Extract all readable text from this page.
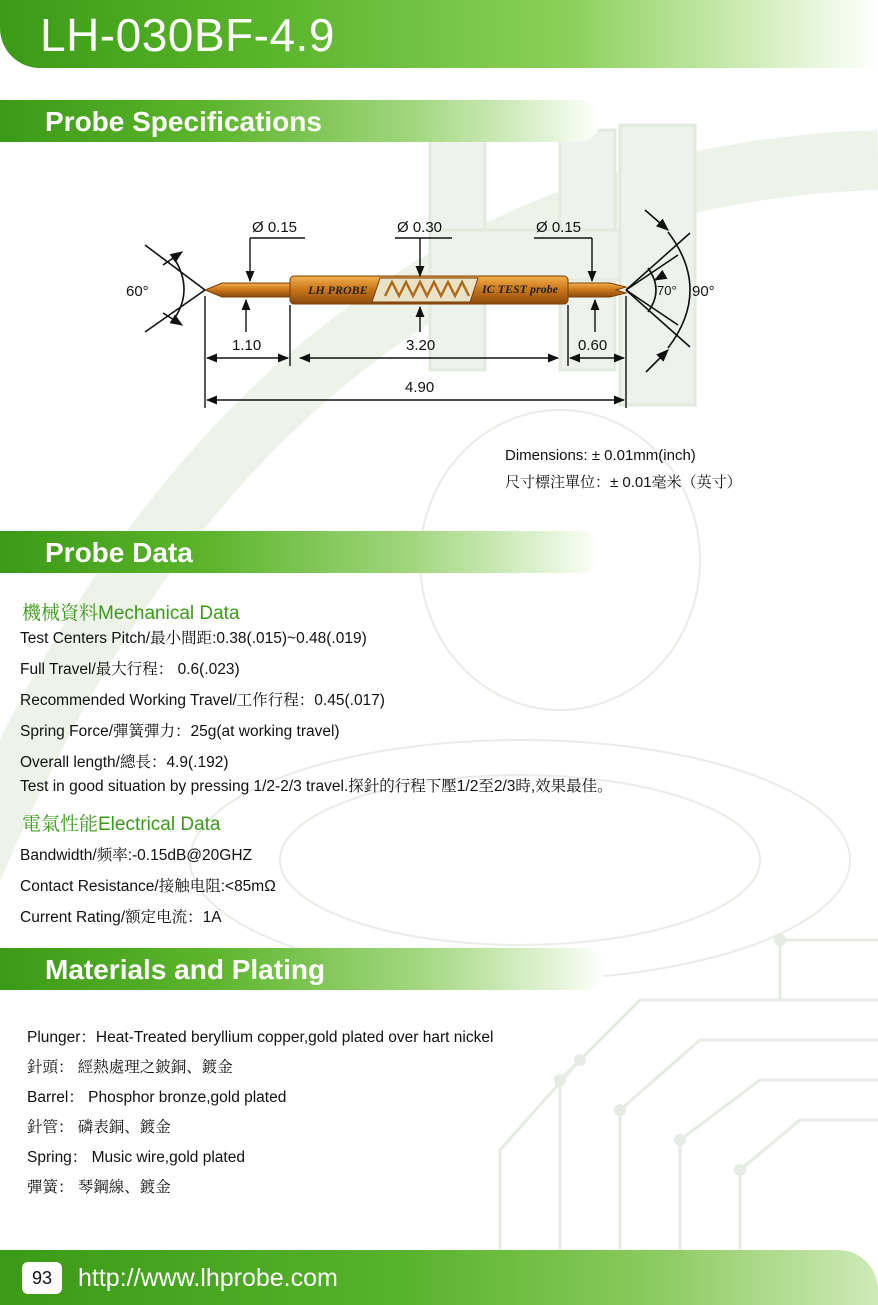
LH-030BF-4.9
Probe Specifications
LH PROBE	IC TEST probe
60°	70° 90°
Ø 0.15	Ø 0.30	Ø 0.15
1.10	3.20	0.60
4.90
Dimensions: ± 0.01mm(inch)
尺寸標注單位：± 0.01毫米（英寸）
Probe Data
機械資料Mechanical Data
Test Centers Pitch/最小間距:0.38(.015)~0.48(.019)
Full Travel/最大行程： 0.6(.023)
Recommended Working Travel/工作行程：0.45(.017)
Spring Force/彈簧彈力：25g(at working travel)
Overall length/總長：4.9(.192)
Test in good situation by pressing 1/2-2/3 travel.探針的行程下壓1/2至2/3時,效果最佳。
電氣性能Electrical Data
Bandwidth/频率:-0.15dB@20GHZ
Contact Resistance/接触电阻:<85mΩ
Current Rating/额定电流：1A
Materials and Plating
Plunger：Heat-Treated beryllium copper,gold plated over hart nickel
針頭： 經熱處理之鈹銅、鍍金
Barrel： Phosphor bronze,gold plated
針管： 磷表銅、鍍金
Spring： Music wire,gold plated
彈簧： 琴鋼線、鍍金
93	http://www.lhprobe.com
